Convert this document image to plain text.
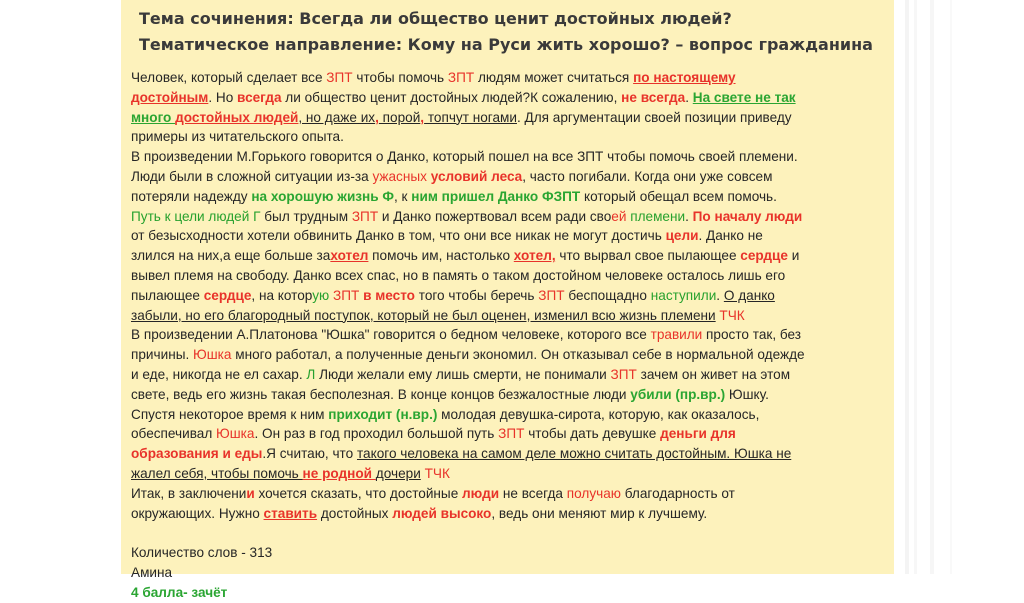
Тема сочинения: Всегда ли общество ценит достойных людей?
Тематическое направление: Кому на Руси жить хорошо? – вопрос гражданина
Человек, который сделает все ЗПТ чтобы помочь ЗПТ людям может считаться по настоящему
достойным. Но всегда ли общество ценит достойных людей?К сожалению, не всегда. На свете не так
много достойных людей, но даже их, порой, топчут ногами. Для аргументации своей позиции приведу
примеры из читательского опыта.
В произведении М.Горького говорится о Данко, который пошел на все ЗПТ чтобы помочь своей племени.
Люди были в сложной ситуации из-за ужасных условий леса, часто погибали. Когда они уже совсем
потеряли надежду на хорошую жизнь Ф, к ним пришел Данко ФЗПТ который обещал всем помочь.
Путь к цели людей Г был трудным ЗПТ и Данко пожертвовал всем ради своей племени. По началу люди
от безысходности хотели обвинить Данко в том, что они все никак не могут достичь цели. Данко не
злился на них,а еще больше захотел помочь им, настолько хотел, что вырвал свое пылающее сердце и
вывел племя на свободу. Данко всех спас, но в память о таком достойном человеке осталось лишь его
пылающее сердце, на которую ЗПТ в место того чтобы беречь ЗПТ беспощадно наступили. О данко
забыли, но его благородный поступок, который не был оценен, изменил всю жизнь племени ТЧК
В произведении А.Платонова "Юшка" говорится о бедном человеке, которого все травили просто так, без
причины. Юшка много работал, а полученные деньги экономил. Он отказывал себе в нормальной одежде
и еде, никогда не ел сахар. Л Люди желали ему лишь смерти, не понимали ЗПТ зачем он живет на этом
свете, ведь его жизнь такая бесполезная. В конце концов безжалостные люди убили (пр.вр.) Юшку.
Спустя некоторое время к ним приходит (н.вр.) молодая девушка-сирота, которую, как оказалось,
обеспечивал Юшка. Он раз в год проходил большой путь ЗПТ чтобы дать девушке деньги для
образования и еды.Я считаю, что такого человека на самом деле можно считать достойным. Юшка не
жалел себя, чтобы помочь не родной дочери ТЧК
Итак, в заключении хочется сказать, что достойные люди не всегда получаю благодарность от
окружающих. Нужно ставить достойных людей высоко, ведь они меняют мир к лучшему.
Количество слов - 313
Амина
4 балла- зачёт
